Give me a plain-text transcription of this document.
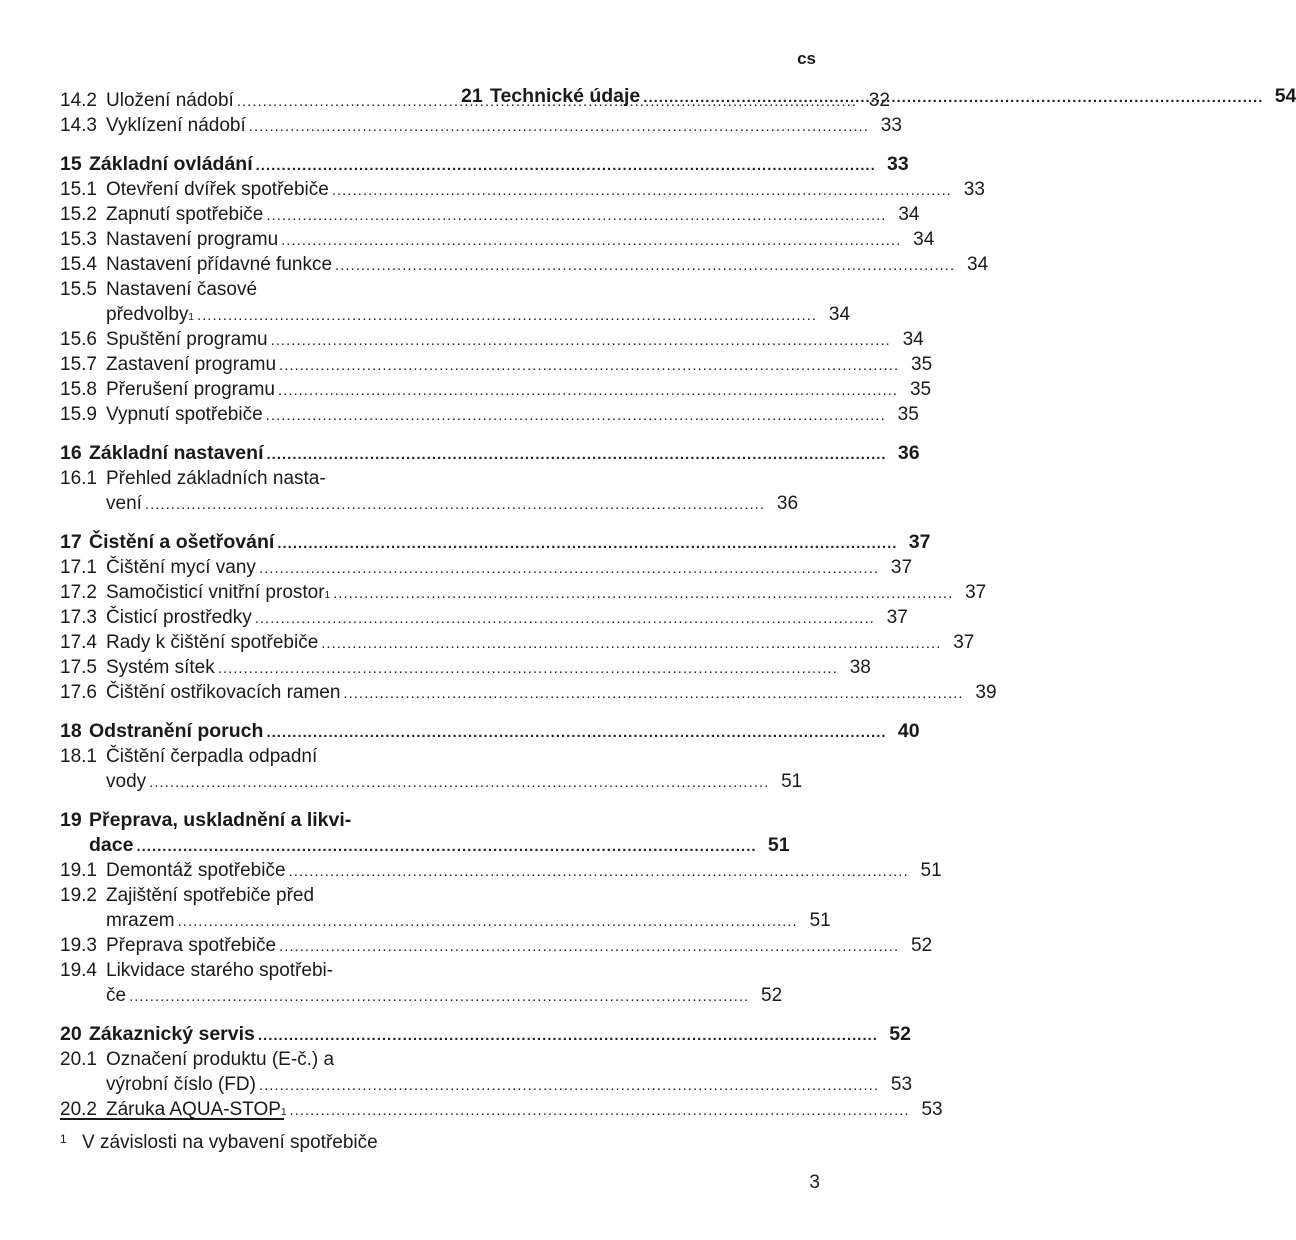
cs
14.2 Uložení nádobí .....	32
14.3 Vyklízení nádobí .....	33
15 Základní ovládání .....	33
15.1 Otevření dvířek spotřebiče .....	33
15.2 Zapnutí spotřebiče .....	34
15.3 Nastavení programu .....	34
15.4 Nastavení přídavné funkce .....	34
15.5 Nastavení časové
předvolby 1 .....	34
15.6 Spuštění programu .....	34
15.7 Zastavení programu .....	35
15.8 Přerušení programu .....	35
15.9 Vypnutí spotřebiče .....	35
16 Základní nastavení .....	36
16.1 Přehled základních nasta-
vení .....	36
17 Čistění a ošetřování .....	37
17.1 Čištění mycí vany .....	37
17.2 Samočisticí vnitřní prostor 1 .....	37
17.3 Čisticí prostředky .....	37
17.4 Rady k čištění spotřebiče .....	37
17.5 Systém sítek .....	38
17.6 Čištění ostřikovacích ramen .....	39
18 Odstranění poruch .....	40
18.1 Čištění čerpadla odpadní
vody .....	51
19 Přeprava, uskladnění a likvi-
dace .....	51
19.1 Demontáž spotřebiče .....	51
19.2 Zajištění spotřebiče před
mrazem .....	51
19.3 Přeprava spotřebiče .....	52
19.4 Likvidace starého spotřebi-
če .....	52
20 Zákaznický servis .....	52
20.1 Označení produktu (E-č.) a
výrobní číslo (FD) .....	53
20.2 Záruka AQUA-STOP 1 .....	53
21 Technické údaje .....	54
1 V závislosti na vybavení spotřebiče
3
